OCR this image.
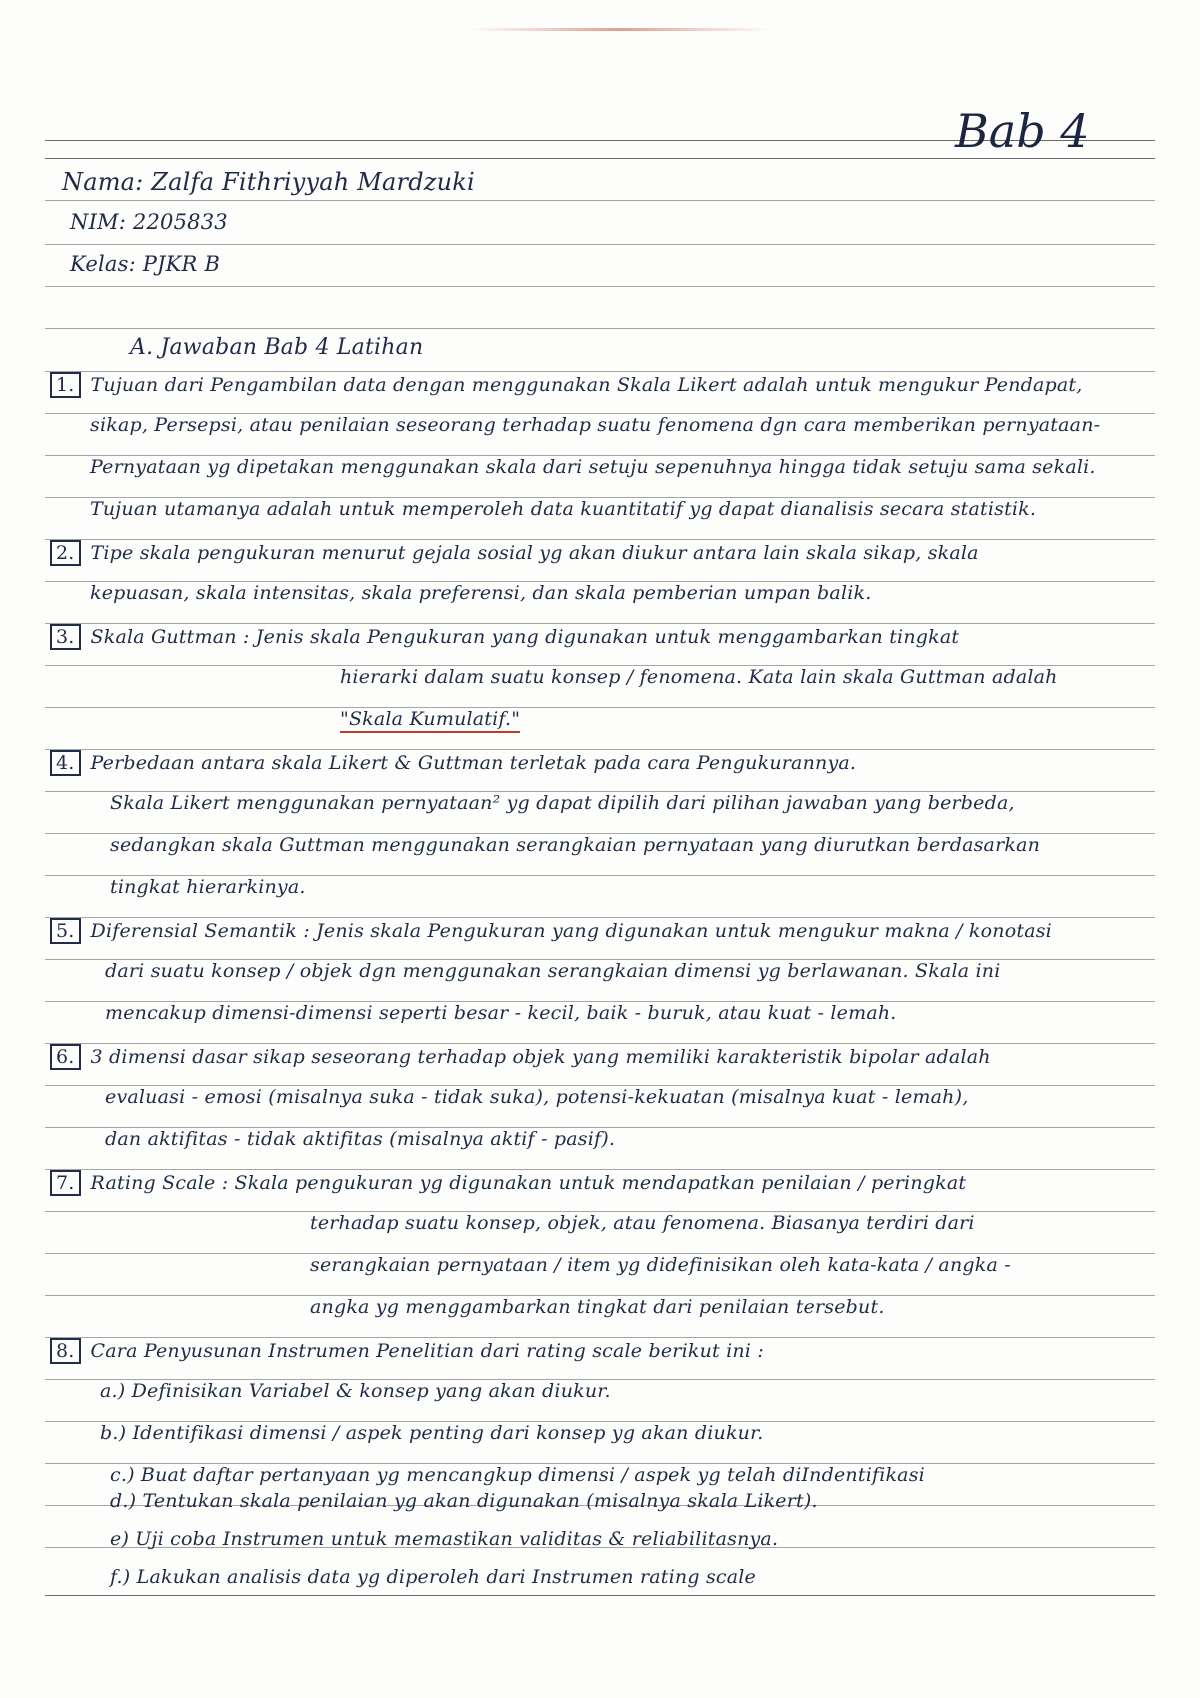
Bab 4
Nama: Zalfa Fithriyyah Mardzuki
NIM: 2205833
Kelas: PJKR B
A. Jawaban Bab 4 Latihan
1. Tujuan dari Pengambilan data dengan menggunakan Skala Likert adalah untuk mengukur Pendapat,
sikap, Persepsi, atau penilaian seseorang terhadap suatu fenomena dgn cara memberikan pernyataan-
Pernyataan yg dipetakan menggunakan skala dari setuju sepenuhnya hingga tidak setuju sama sekali.
Tujuan utamanya adalah untuk memperoleh data kuantitatif yg dapat dianalisis secara statistik.
2. Tipe skala pengukuran menurut gejala sosial yg akan diukur antara lain skala sikap, skala
kepuasan, skala intensitas, skala preferensi, dan skala pemberian umpan balik.
3. Skala Guttman : Jenis skala Pengukuran yang digunakan untuk menggambarkan tingkat
hierarki dalam suatu konsep / fenomena. Kata lain skala Guttman adalah
"Skala Kumulatif."
4. Perbedaan antara skala Likert & Guttman terletak pada cara Pengukurannya.
Skala Likert menggunakan pernyataan² yg dapat dipilih dari pilihan jawaban yang berbeda,
sedangkan skala Guttman menggunakan serangkaian pernyataan yang diurutkan berdasarkan
tingkat hierarkinya.
5. Diferensial Semantik : Jenis skala Pengukuran yang digunakan untuk mengukur makna / konotasi
dari suatu konsep / objek dgn menggunakan serangkaian dimensi yg berlawanan. Skala ini
mencakup dimensi-dimensi seperti besar - kecil, baik - buruk, atau kuat - lemah.
6. 3 dimensi dasar sikap seseorang terhadap objek yang memiliki karakteristik bipolar adalah
evaluasi - emosi (misalnya suka - tidak suka), potensi-kekuatan (misalnya kuat - lemah),
dan aktifitas - tidak aktifitas (misalnya aktif - pasif).
7. Rating Scale : Skala pengukuran yg digunakan untuk mendapatkan penilaian / peringkat
terhadap suatu konsep, objek, atau fenomena. Biasanya terdiri dari
serangkaian pernyataan / item yg didefinisikan oleh kata-kata / angka -
angka yg menggambarkan tingkat dari penilaian tersebut.
8. Cara Penyusunan Instrumen Penelitian dari rating scale berikut ini :
a.) Definisikan Variabel & konsep yang akan diukur.
b.) Identifikasi dimensi / aspek penting dari konsep yg akan diukur.
c.) Buat daftar pertanyaan yg mencangkup dimensi / aspek yg telah diIndentifikasi
d.) Tentukan skala penilaian yg akan digunakan (misalnya skala Likert).
e) Uji coba Instrumen untuk memastikan validitas & reliabilitasnya.
f.) Lakukan analisis data yg diperoleh dari Instrumen rating scale
